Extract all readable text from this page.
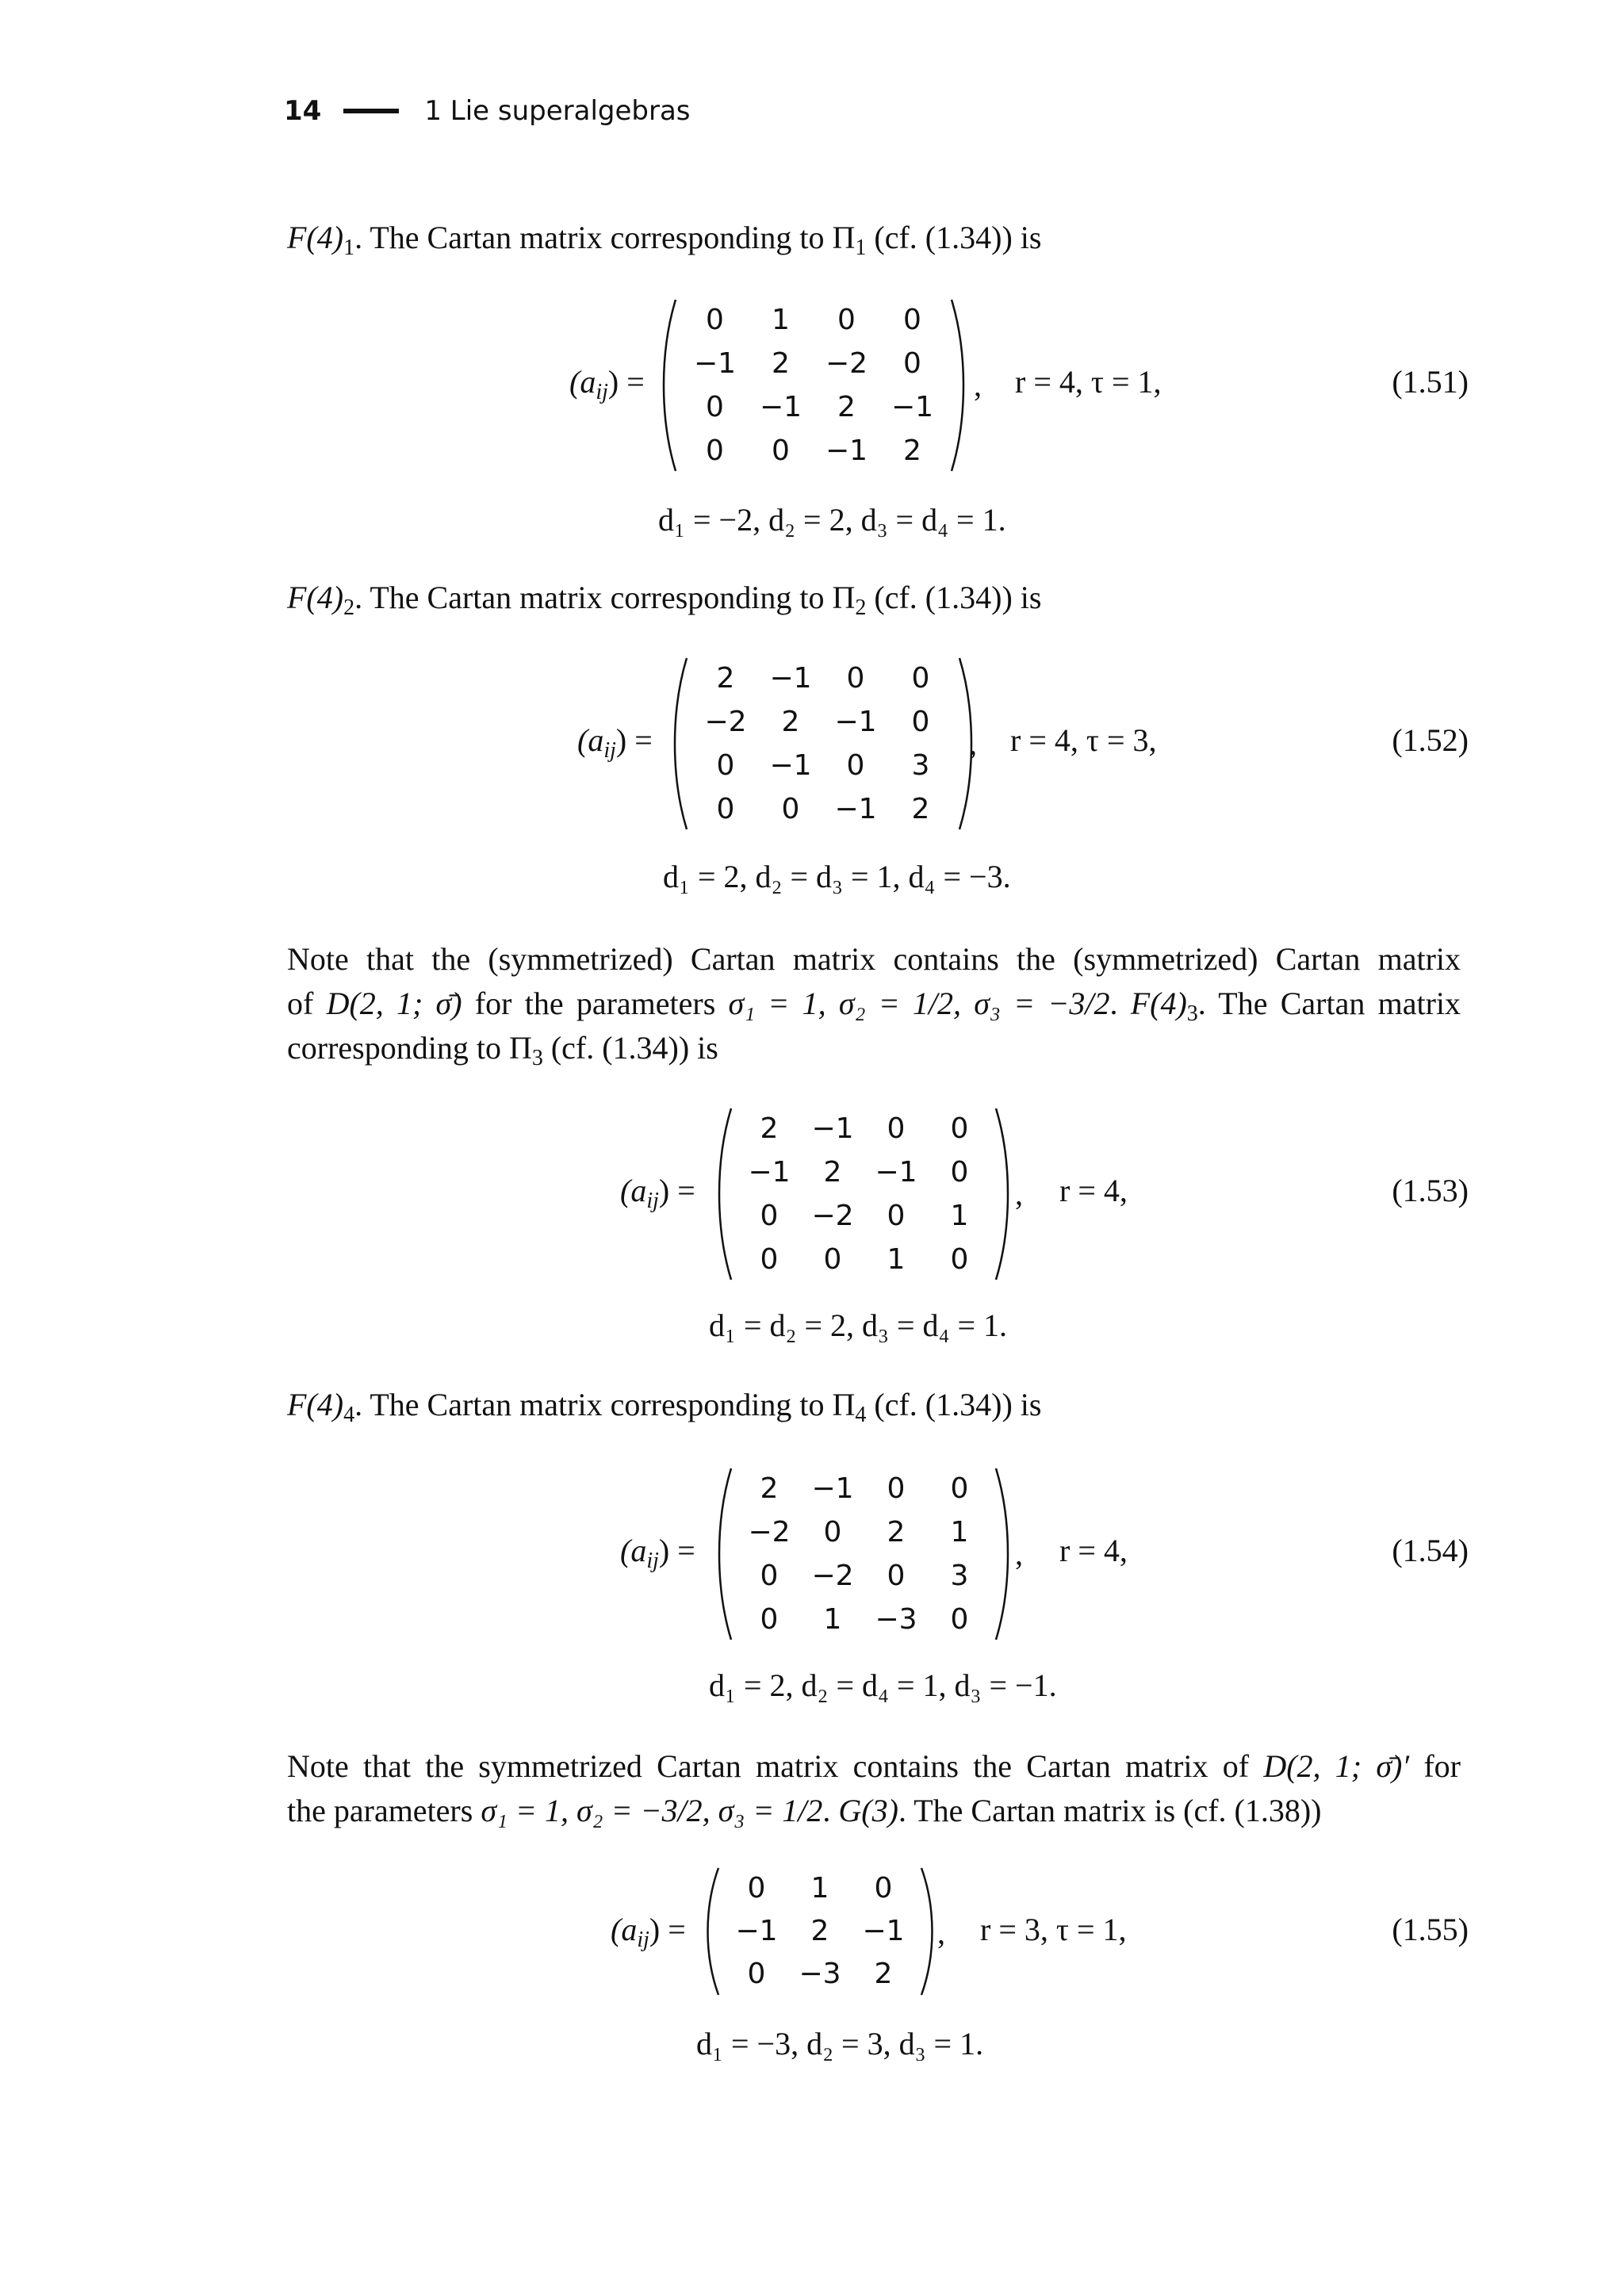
14	1 Lie superalgebras
$F(4)_1$. The Cartan matrix corresponding to $\Pi_1$ (cf. (1.34)) is
$(a_{ij})$ =
0	1	0	0
−1	2	−2	0
0	−1	2	−1
0	0	−1	2
, r = 4, τ = 1,	(1.51)
d₁ = −2, d₂ = 2, d₃ = d₄ = 1.
$F(4)_2$. The Cartan matrix corresponding to $\Pi_2$ (cf. (1.34)) is
$(a_{ij})$ =
2	−1	0	0
−2	2	−1	0
0	−1	0	3
0	0	−1	2
, r = 4, τ = 3,	(1.52)
d₁ = 2, d₂ = d₃ = 1, d₄ = −3.
Note that the (symmetrized) Cartan matrix contains the (symmetrized) Cartan matrix
of D(2, 1; σ̄) for the parameters σ₁ = 1, σ₂ = 1/2, σ₃ = −3/2. $F(4)_3$. The Cartan matrix
corresponding to $\Pi_3$ (cf. (1.34)) is
$(a_{ij})$ =
2	−1	0	0
−1	2	−1	0
0	−2	0	1
0	0	1	0
, r = 4,	(1.53)
d₁ = d₂ = 2, d₃ = d₄ = 1.
$F(4)_4$. The Cartan matrix corresponding to $\Pi_4$ (cf. (1.34)) is
$(a_{ij})$ =
2	−1	0	0
−2	0	2	1
0	−2	0	3
0	1	−3	0
, r = 4,	(1.54)
d₁ = 2, d₂ = d₄ = 1, d₃ = −1.
Note that the symmetrized Cartan matrix contains the Cartan matrix of D(2, 1; σ̄)′ for
the parameters σ₁ = 1, σ₂ = −3/2, σ₃ = 1/2. G(3). The Cartan matrix is (cf. (1.38))
$(a_{ij})$ =
0	1	0
−1	2	−1
0	−3	2
, r = 3, τ = 1,	(1.55)
d₁ = −3, d₂ = 3, d₃ = 1.
